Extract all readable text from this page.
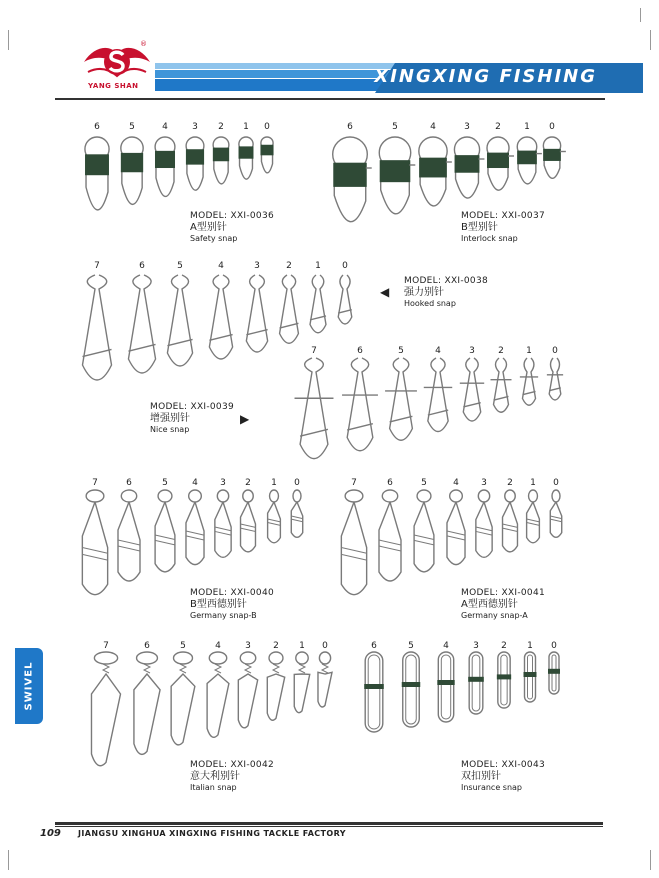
®
YANG SHAN	XINGXING FISHING
6	5	4	3 2 1 0	6	5	4	3	2	1 0
7	6	5	4	3	2	1 0
7	6	5	4	3	2 1 0
7	6	5	4 3 2 1 0	7	6	5	4 3 2 1 0
7	6	5	4	3 2 1 0	6	5	4	3 2 1 0
MODEL: XXI-0036
A型别针
Safety snap
MODEL: XXI-0037
B型别针
Interlock snap
◀
MODEL: XXI-0038
强力别针
Hooked snap
MODEL: XXI-0039
增强别针
Nice snap
▶
MODEL: XXI-0040
B型西德别针
Germany snap-B
MODEL: XXI-0041
A型西德别针
Germany snap-A
MODEL: XXI-0042
意大利别针
Italian snap
MODEL: XXI-0043
双扣别针
Insurance snap
SWIVEL
109 JIANGSU XINGHUA XINGXING FISHING TACKLE FACTORY
